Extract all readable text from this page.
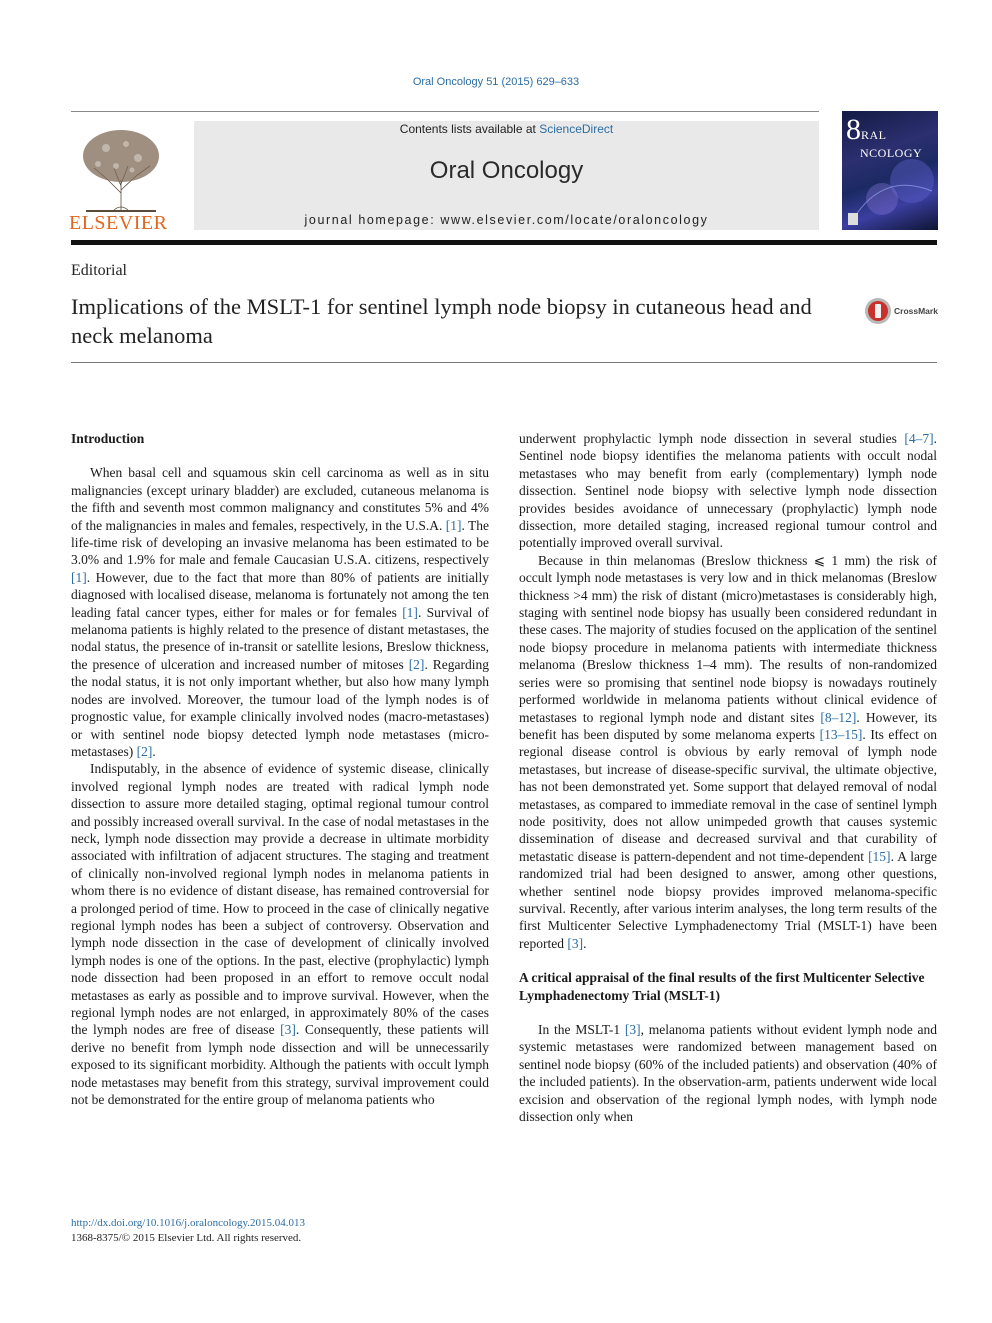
Oral Oncology 51 (2015) 629–633
ELSEVIER
Contents lists available at ScienceDirect
Oral Oncology
journal homepage: www.elsevier.com/locate/oraloncology
8RAL
NCOLOGY
Editorial
Implications of the MSLT-1 for sentinel lymph node biopsy in cutaneous head and neck melanoma
CrossMark
Introduction

When basal cell and squamous skin cell carcinoma as well as in situ malignancies (except urinary bladder) are excluded, cutaneous melanoma is the fifth and seventh most common malignancy and constitutes 5% and 4% of the malignancies in males and females, respectively, in the U.S.A. [1]. The life-time risk of developing an invasive melanoma has been estimated to be 3.0% and 1.9% for male and female Caucasian U.S.A. citizens, respectively [1]. However, due to the fact that more than 80% of patients are initially diagnosed with localised disease, melanoma is fortunately not among the ten leading fatal cancer types, either for males or for females [1]. Survival of melanoma patients is highly related to the presence of distant metastases, the nodal status, the presence of in-transit or satellite lesions, Breslow thickness, the presence of ulceration and increased number of mitoses [2]. Regarding the nodal status, it is not only important whether, but also how many lymph nodes are involved. Moreover, the tumour load of the lymph nodes is of prognostic value, for example clinically involved nodes (macro-metastases) or with sentinel node biopsy detected lymph node metastases (micro-metastases) [2].

Indisputably, in the absence of evidence of systemic disease, clinically involved regional lymph nodes are treated with radical lymph node dissection to assure more detailed staging, optimal regional tumour control and possibly increased overall survival. In the case of nodal metastases in the neck, lymph node dissection may provide a decrease in ultimate morbidity associated with infiltration of adjacent structures. The staging and treatment of clinically non-involved regional lymph nodes in melanoma patients in whom there is no evidence of distant disease, has remained controversial for a prolonged period of time. How to proceed in the case of clinically negative regional lymph nodes has been a subject of controversy. Observation and lymph node dissection in the case of development of clinically involved lymph nodes is one of the options. In the past, elective (prophylactic) lymph node dissection had been proposed in an effort to remove occult nodal metastases as early as possible and to improve survival. However, when the regional lymph nodes are not enlarged, in approximately 80% of the cases the lymph nodes are free of disease [3]. Consequently, these patients will derive no benefit from lymph node dissection and will be unnecessarily exposed to its significant morbidity. Although the patients with occult lymph node metastases may benefit from this strategy, survival improvement could not be demonstrated for the entire group of melanoma patients who

underwent prophylactic lymph node dissection in several studies [4–7]. Sentinel node biopsy identifies the melanoma patients with occult nodal metastases who may benefit from early (complementary) lymph node dissection. Sentinel node biopsy with selective lymph node dissection provides besides avoidance of unnecessary (prophylactic) lymph node dissection, more detailed staging, increased regional tumour control and potentially improved overall survival.

Because in thin melanomas (Breslow thickness ⩽ 1 mm) the risk of occult lymph node metastases is very low and in thick melanomas (Breslow thickness >4 mm) the risk of distant (micro)metastases is considerably high, staging with sentinel node biopsy has usually been considered redundant in these cases. The majority of studies focused on the application of the sentinel node biopsy procedure in melanoma patients with intermediate thickness melanoma (Breslow thickness 1–4 mm). The results of non-randomized series were so promising that sentinel node biopsy is nowadays routinely performed worldwide in melanoma patients without clinical evidence of metastases to regional lymph node and distant sites [8–12]. However, its benefit has been disputed by some melanoma experts [13–15]. Its effect on regional disease control is obvious by early removal of lymph node metastases, but increase of disease-specific survival, the ultimate objective, has not been demonstrated yet. Some support that delayed removal of nodal metastases, as compared to immediate removal in the case of sentinel lymph node positivity, does not allow unimpeded growth that causes systemic dissemination of disease and decreased survival and that curability of metastatic disease is pattern-dependent and not time-dependent [15]. A large randomized trial had been designed to answer, among other questions, whether sentinel node biopsy provides improved melanoma-specific survival. Recently, after various interim analyses, the long term results of the first Multicenter Selective Lymphadenectomy Trial (MSLT-1) have been reported [3].

A critical appraisal of the final results of the first Multicenter Selective Lymphadenectomy Trial (MSLT-1)

In the MSLT-1 [3], melanoma patients without evident lymph node and systemic metastases were randomized between management based on sentinel node biopsy (60% of the included patients) and observation (40% of the included patients). In the observation-arm, patients underwent wide local excision and observation of the regional lymph nodes, with lymph node dissection only when

http://dx.doi.org/10.1016/j.oraloncology.2015.04.013
1368-8375/© 2015 Elsevier Ltd. All rights reserved.
